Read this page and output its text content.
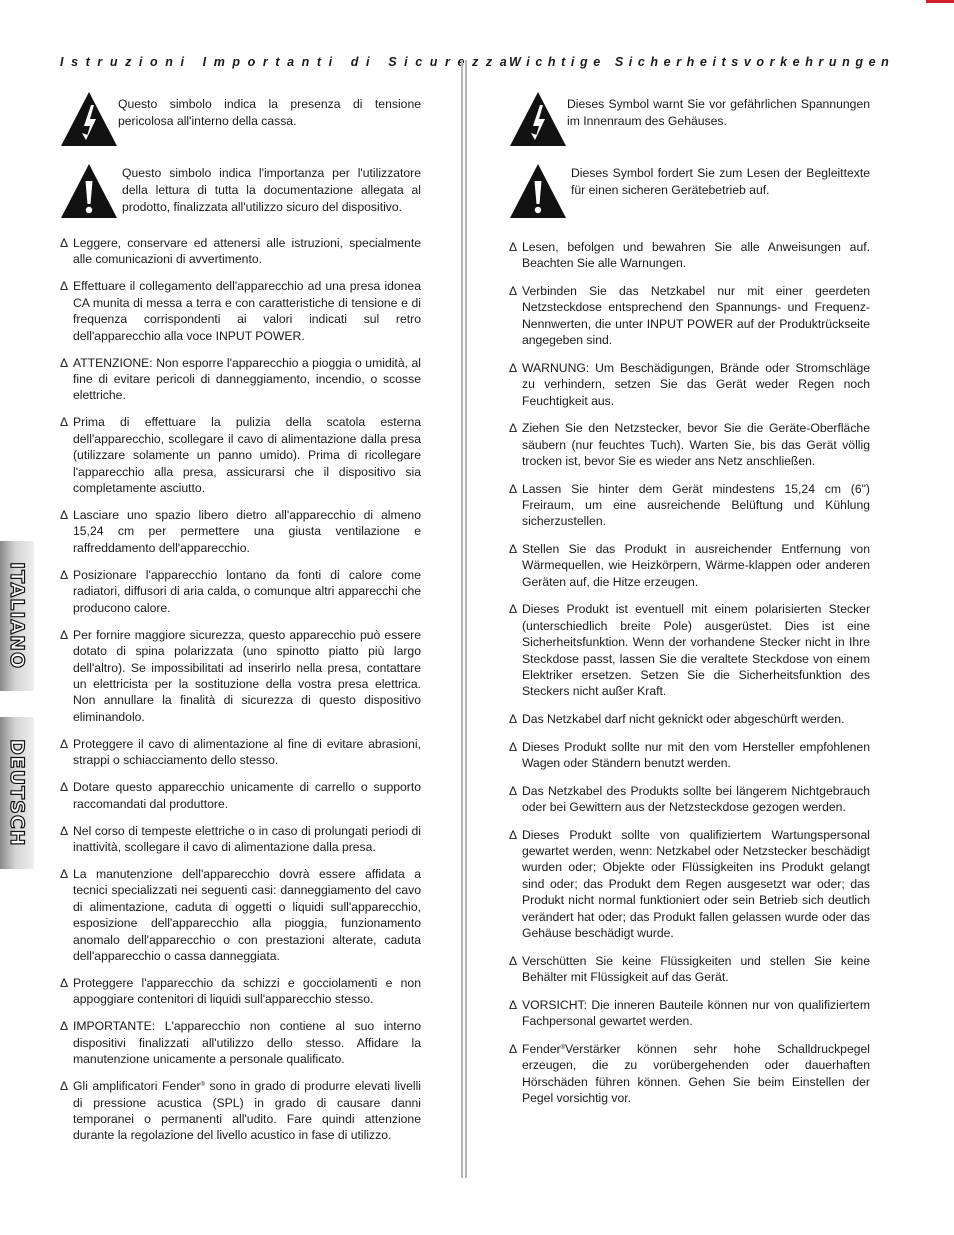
Istruzioni Importanti di Sicurezza
Questo simbolo indica la presenza di tensione pericolosa all'interno della cassa.
Questo simbolo indica l'importanza per l'utilizzatore della lettura di tutta la documentazione allegata al prodotto, finalizzata all'utilizzo sicuro del dispositivo.
Δ Leggere, conservare ed attenersi alle istruzioni, specialmente alle comunicazioni di avvertimento.
Δ Effettuare il collegamento dell'apparecchio ad una presa idonea CA munita di messa a terra e con caratteristiche di tensione e di frequenza corrispondenti ai valori indicati sul retro dell'apparecchio alla voce INPUT POWER.
Δ ATTENZIONE: Non esporre l'apparecchio a pioggia o umidità, al fine di evitare pericoli di danneggiamento, incendio, o scosse elettriche.
Δ Prima di effettuare la pulizia della scatola esterna dell'apparecchio, scollegare il cavo di alimentazione dalla presa (utilizzare solamente un panno umido). Prima di ricollegare l'apparecchio alla presa, assicurarsi che il dispositivo sia completamente asciutto.
Δ Lasciare uno spazio libero dietro all'apparecchio di almeno 15,24 cm per permettere una giusta ventilazione e raffreddamento dell'apparecchio.
Δ Posizionare l'apparecchio lontano da fonti di calore come radiatori, diffusori di aria calda, o comunque altri apparecchi che producono calore.
Δ Per fornire maggiore sicurezza, questo apparecchio può essere dotato di spina polarizzata (uno spinotto piatto più largo dell'altro). Se impossibilitati ad inserirlo nella presa, contattare un elettricista per la sostituzione della vostra presa elettrica. Non annullare la finalità di sicurezza di questo dispositivo eliminandolo.
Δ Proteggere il cavo di alimentazione al fine di evitare abrasioni, strappi o schiacciamento dello stesso.
Δ Dotare questo apparecchio unicamente di carrello o supporto raccomandati dal produttore.
Δ Nel corso di tempeste elettriche o in caso di prolungati periodi di inattività, scollegare il cavo di alimentazione dalla presa.
Δ La manutenzione dell'apparecchio dovrà essere affidata a tecnici specializzati nei seguenti casi: danneggiamento del cavo di alimentazione, caduta di oggetti o liquidi sull'apparecchio, esposizione dell'apparecchio alla pioggia, funzionamento anomalo dell'apparecchio o con prestazioni alterate, caduta dell'apparecchio o cassa danneggiata.
Δ Proteggere l'apparecchio da schizzi e gocciolamenti e non appoggiare contenitori di liquidi sull'apparecchio stesso.
Δ IMPORTANTE: L'apparecchio non contiene al suo interno dispositivi finalizzati all'utilizzo dello stesso. Affidare la manutenzione unicamente a personale qualificato.
Δ Gli amplificatori Fender® sono in grado di produrre elevati livelli di pressione acustica (SPL) in grado di causare danni temporanei o permanenti all'udito. Fare quindi attenzione durante la regolazione del livello acustico in fase di utilizzo.
Wichtige Sicherheitsvorkehrungen
Dieses Symbol warnt Sie vor gefährlichen Spannungen im Innenraum des Gehäuses.
Dieses Symbol fordert Sie zum Lesen der Begleittexte für einen sicheren Gerätebetrieb auf.
Δ Lesen, befolgen und bewahren Sie alle Anweisungen auf. Beachten Sie alle Warnungen.
Δ Verbinden Sie das Netzkabel nur mit einer geerdeten Netzsteckdose entsprechend den Spannungs- und Frequenz-Nennwerten, die unter INPUT POWER auf der Produktrückseite angegeben sind.
Δ WARNUNG: Um Beschädigungen, Brände oder Stromschläge zu verhindern, setzen Sie das Gerät weder Regen noch Feuchtigkeit aus.
Δ Ziehen Sie den Netzstecker, bevor Sie die Geräte-Oberfläche säubern (nur feuchtes Tuch). Warten Sie, bis das Gerät völlig trocken ist, bevor Sie es wieder ans Netz anschließen.
Δ Lassen Sie hinter dem Gerät mindestens 15,24 cm (6") Freiraum, um eine ausreichende Belüftung und Kühlung sicherzustellen.
Δ Stellen Sie das Produkt in ausreichender Entfernung von Wärmequellen, wie Heizkörpern, Wärme-klappen oder anderen Geräten auf, die Hitze erzeugen.
Δ Dieses Produkt ist eventuell mit einem polarisierten Stecker (unterschiedlich breite Pole) ausgerüstet. Dies ist eine Sicherheitsfunktion. Wenn der vorhandene Stecker nicht in Ihre Steckdose passt, lassen Sie die veraltete Steckdose von einem Elektriker ersetzen. Setzen Sie die Sicherheitsfunktion des Steckers nicht außer Kraft.
Δ Das Netzkabel darf nicht geknickt oder abgeschürft werden.
Δ Dieses Produkt sollte nur mit den vom Hersteller empfohlenen Wagen oder Ständern benutzt werden.
Δ Das Netzkabel des Produkts sollte bei längerem Nichtgebrauch oder bei Gewittern aus der Netzsteckdose gezogen werden.
Δ Dieses Produkt sollte von qualifiziertem Wartungspersonal gewartet werden, wenn: Netzkabel oder Netzstecker beschädigt wurden oder; Objekte oder Flüssigkeiten ins Produkt gelangt sind oder; das Produkt dem Regen ausgesetzt war oder; das Produkt nicht normal funktioniert oder sein Betrieb sich deutlich verändert hat oder; das Produkt fallen gelassen wurde oder das Gehäuse beschädigt wurde.
Δ Verschütten Sie keine Flüssigkeiten und stellen Sie keine Behälter mit Flüssigkeit auf das Gerät.
Δ VORSICHT: Die inneren Bauteile können nur von qualifiziertem Fachpersonal gewartet werden.
Δ Fender®Verstärker können sehr hohe Schalldruckpegel erzeugen, die zu vorübergehenden oder dauerhaften Hörschäden führen können. Gehen Sie beim Einstellen der Pegel vorsichtig vor.
ITALIANO
DEUTSCH
